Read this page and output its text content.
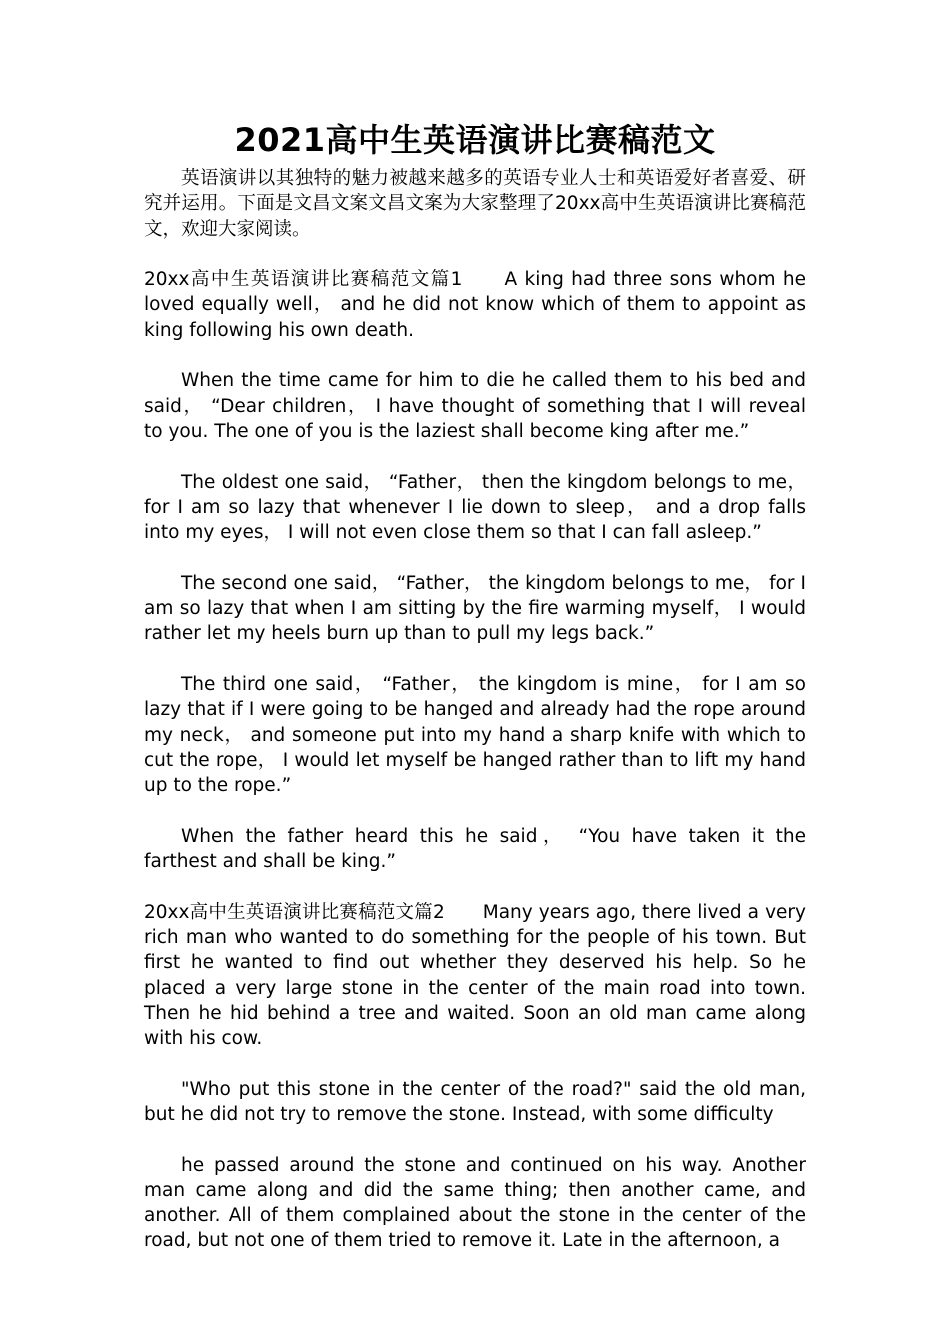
2021高中生英语演讲比赛稿范文

英语演讲以其独特的魅力被越来越多的英语专业人士和英语爱好者喜爱、研究并运用。下面是文昌文案文昌文案为大家整理了20xx高中生英语演讲比赛稿范文，欢迎大家阅读。

20xx高中生英语演讲比赛稿范文篇1 A king had three sons whom he loved equally well， and he did not know which of them to appoint as king following his own death.

When the time came for him to die he called them to his bed and said， “Dear children， I have thought of something that I will reveal to you. The one of you is the laziest shall become king after me.”

The oldest one said， “Father， then the kingdom belongs to me， for I am so lazy that whenever I lie down to sleep， and a drop falls into my eyes， I will not even close them so that I can fall asleep.”

The second one said， “Father， the kingdom belongs to me， for I am so lazy that when I am sitting by the fire warming myself， I would rather let my heels burn up than to pull my legs back.”

The third one said， “Father， the kingdom is mine， for I am so lazy that if I were going to be hanged and already had the rope around my neck， and someone put into my hand a sharp knife with which to cut the rope， I would let myself be hanged rather than to lift my hand up to the rope.”

When the father heard this he said， “You have taken it the farthest and shall be king.”

20xx高中生英语演讲比赛稿范文篇2 Many years ago, there lived a very rich man who wanted to do something for the people of his town. But first he wanted to find out whether they deserved his help. So he placed a very large stone in the center of the main road into town. Then he hid behind a tree and waited. Soon an old man came along with his cow.

"Who put this stone in the center of the road?" said the old man, but he did not try to remove the stone. Instead, with some difficulty

he passed around the stone and continued on his way. Another man came along and did the same thing; then another came, and another. All of them complained about the stone in the center of the road, but not one of them tried to remove it. Late in the afternoon, a
